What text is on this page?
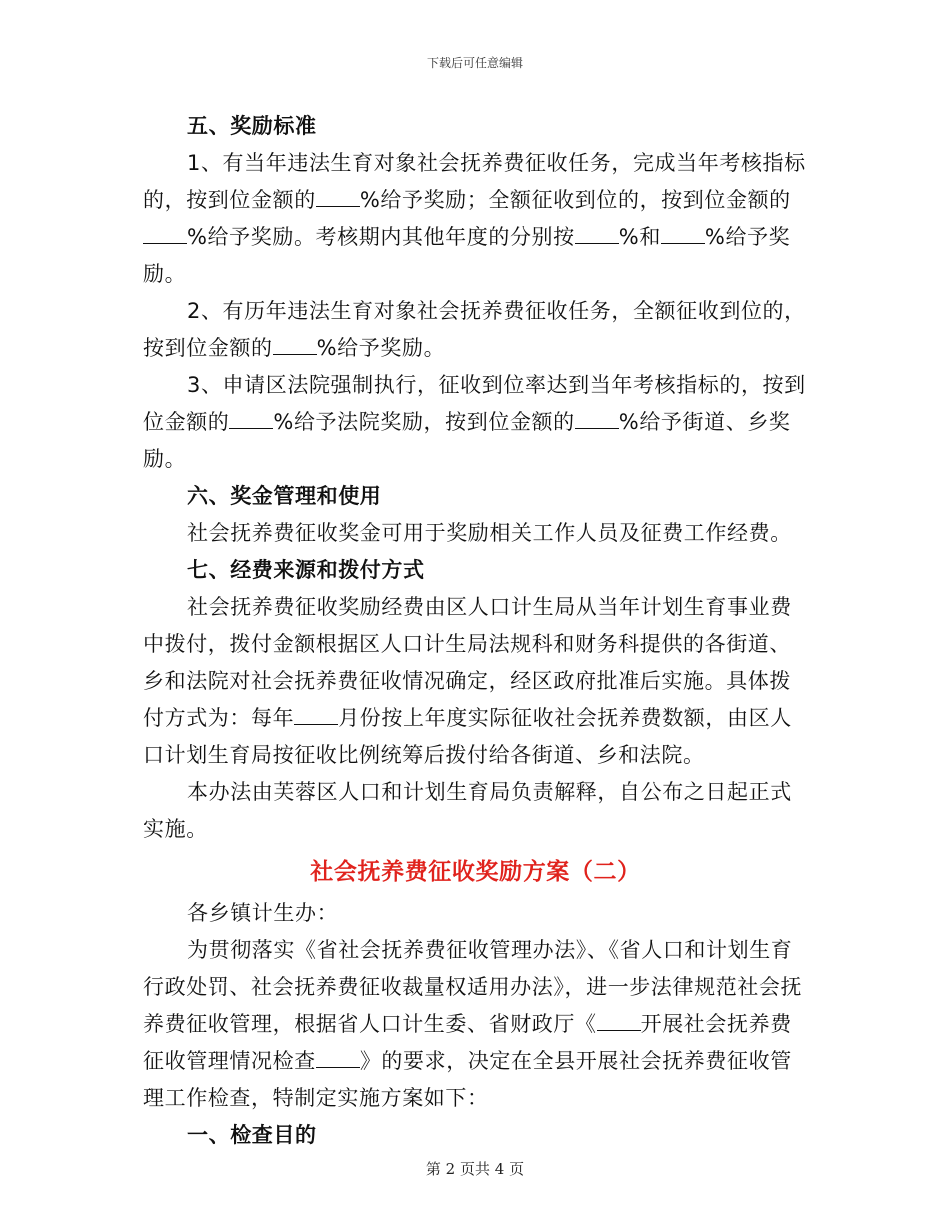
下载后可任意编辑

五、奖励标准

1、有当年违法生育对象社会抚养费征收任务，完成当年考核指标的，按到位金额的 %给予奖励；全额征收到位的，按到位金额的%给予奖励。考核期内其他年度的分别按 %和 %给予奖励。

2、有历年违法生育对象社会抚养费征收任务，全额征收到位的，按到位金额的 %给予奖励。

3、申请区法院强制执行，征收到位率达到当年考核指标的，按到位金额的 %给予法院奖励，按到位金额的 %给予街道、乡奖励。

六、奖金管理和使用

社会抚养费征收奖金可用于奖励相关工作人员及征费工作经费。

七、经费来源和拨付方式

社会抚养费征收奖励经费由区人口计生局从当年计划生育事业费中拨付，拨付金额根据区人口计生局法规科和财务科提供的各街道、乡和法院对社会抚养费征收情况确定，经区政府批准后实施。具体拨付方式为：每年 月份按上年度实际征收社会抚养费数额，由区人口计划生育局按征收比例统筹后拨付给各街道、乡和法院。

本办法由芙蓉区人口和计划生育局负责解释，自公布之日起正式实施。

社会抚养费征收奖励方案（二）

各乡镇计生办：

为贯彻落实《省社会抚养费征收管理办法》、《省人口和计划生育行政处罚、社会抚养费征收裁量权适用办法》，进一步法律规范社会抚养费征收管理，根据省人口计生委、省财政厅《 开展社会抚养费征收管理情况检查 》的要求，决定在全县开展社会抚养费征收管理工作检查，特制定实施方案如下：

一、检查目的

第 2 页共 4 页
